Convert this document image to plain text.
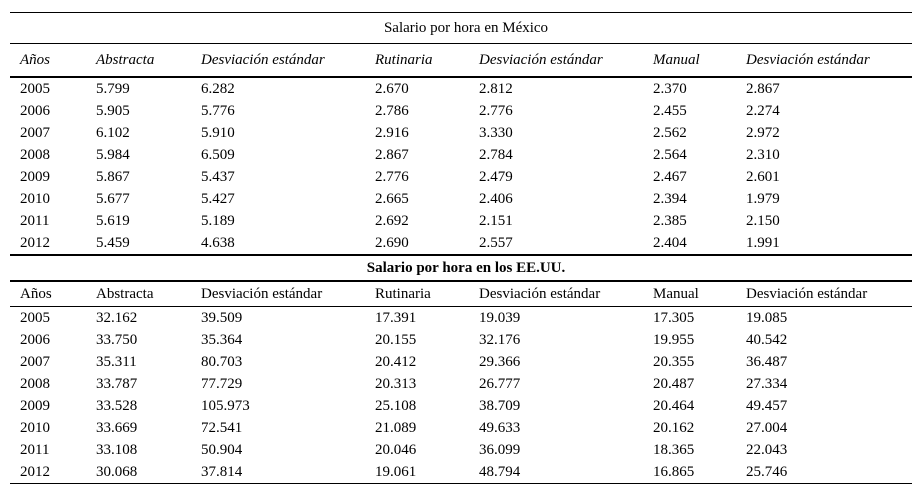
Salario por hora en México						
Años	Abstracta	Desviación estándar	Rutinaria	Desviación estándar	Manual	Desviación estándar
2005	5.799	6.282	2.670	2.812	2.370	2.867
2006	5.905	5.776	2.786	2.776	2.455	2.274
2007	6.102	5.910	2.916	3.330	2.562	2.972
2008	5.984	6.509	2.867	2.784	2.564	2.310
2009	5.867	5.437	2.776	2.479	2.467	2.601
2010	5.677	5.427	2.665	2.406	2.394	1.979
2011	5.619	5.189	2.692	2.151	2.385	2.150
2012	5.459	4.638	2.690	2.557	2.404	1.991
Salario por hora en los EE.UU.						
Años	Abstracta	Desviación estándar	Rutinaria	Desviación estándar	Manual	Desviación estándar
2005	32.162	39.509	17.391	19.039	17.305	19.085
2006	33.750	35.364	20.155	32.176	19.955	40.542
2007	35.311	80.703	20.412	29.366	20.355	36.487
2008	33.787	77.729	20.313	26.777	20.487	27.334
2009	33.528	105.973	25.108	38.709	20.464	49.457
2010	33.669	72.541	21.089	49.633	20.162	27.004
2011	33.108	50.904	20.046	36.099	18.365	22.043
2012	30.068	37.814	19.061	48.794	16.865	25.746
